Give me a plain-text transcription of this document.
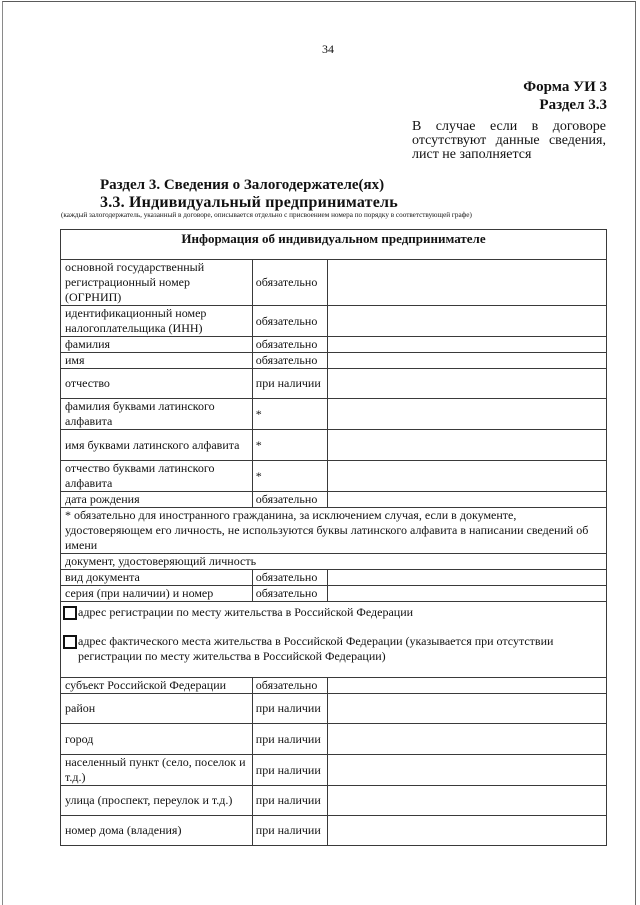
34
Форма УИ 3
Раздел 3.3
В случае если в договоре отсутствуют данные сведения, лист не заполняется
Раздел 3. Сведения о Залогодержателе(ях)
3.3. Индивидуальный предприниматель
(каждый залогодержатель, указанный в договоре, описывается отдельно с присвоением номера по порядку в соответствующей графе)
Информация об индивидуальном предпринимателе		
основной государственный регистрационный номер (ОГРНИП)	обязательно	
идентификационный номер налогоплательщика (ИНН)	обязательно	
фамилия	обязательно	
имя	обязательно	
отчество	при наличии	
фамилия буквами латинского алфавита	*	
имя буквами латинского алфавита	*	
отчество буквами латинского алфавита	*	
дата рождения	обязательно	
* обязательно для иностранного гражданина, за исключением случая, если в документе, удостоверяющем его личность, не используются буквы латинского алфавита в написании сведений об имени		
документ, удостоверяющий личность		
вид документа	обязательно	
серия (при наличии) и номер	обязательно	

адрес регистрации по месту жительства в Российской Федерации
адрес фактического места жительства в Российской Федерации (указывается при отсутствии регистрации по месту жительства в Российской Федерации)		

субъект Российской Федерации	обязательно	
район	при наличии	
город	при наличии	
населенный пункт (село, поселок и т.д.)	при наличии	
улица (проспект, переулок и т.д.)	при наличии	
номер дома (владения)	при наличии	
